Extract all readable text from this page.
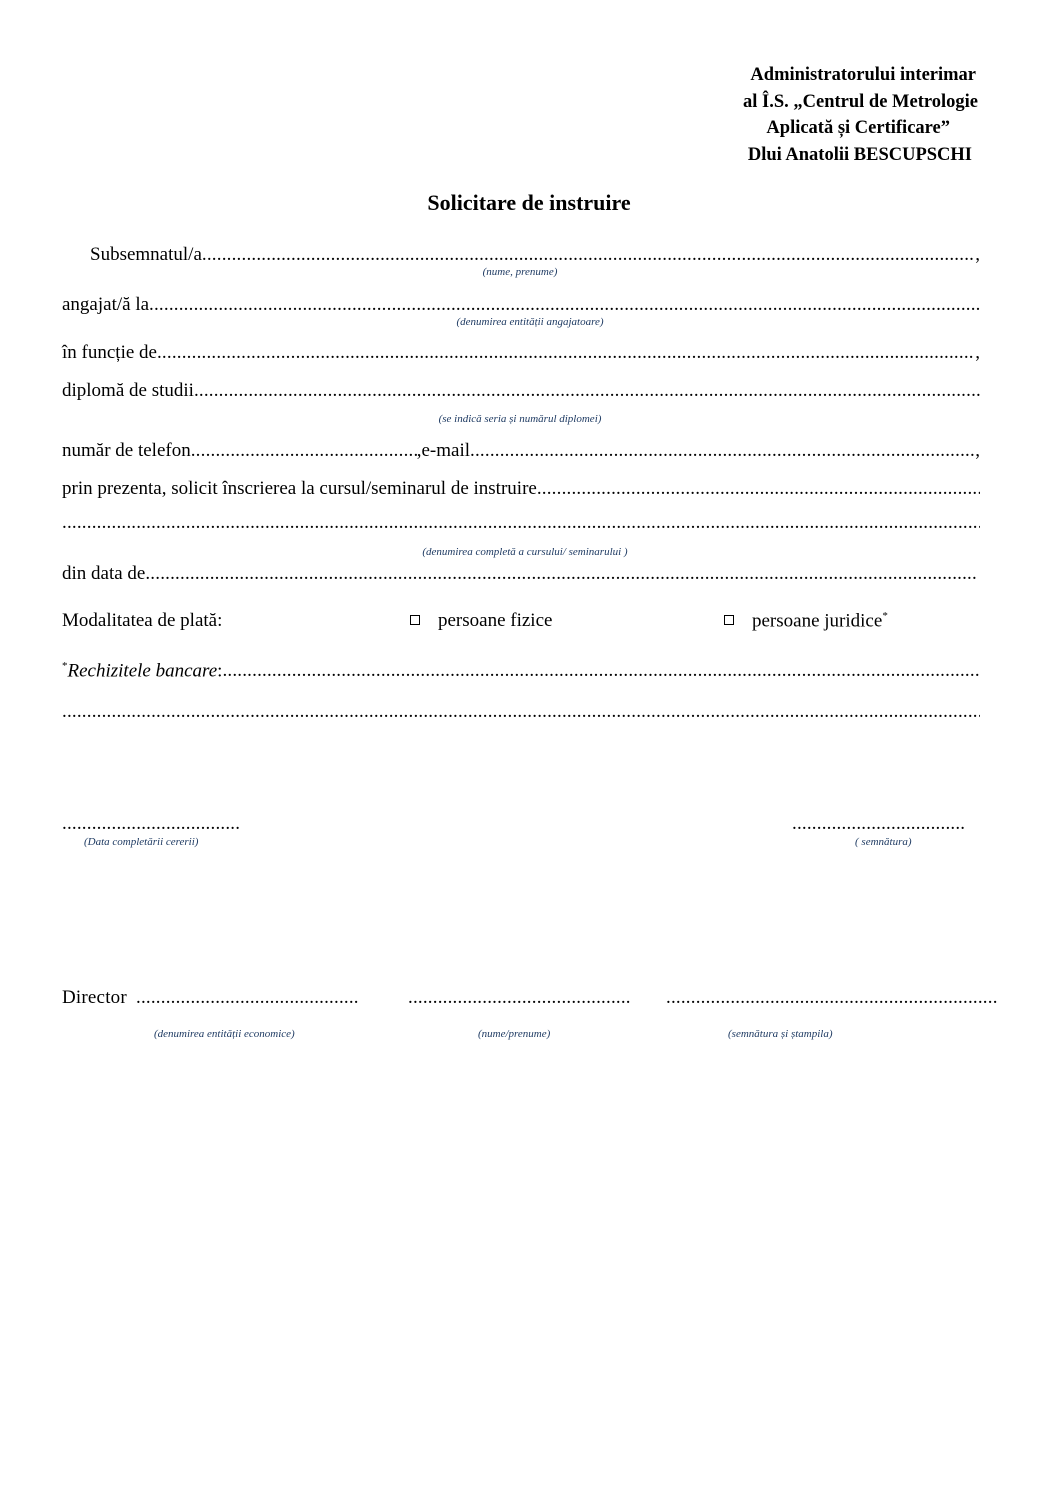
Administratorului interimar
al Î.S. „Centrul de Metrologie
Aplicată și Certificare”
Dlui Anatolii BESCUPSCHI
Solicitare de instruire
Subsemnatul/a .....	,
(nume, prenume)
angajat/ă la
.....
(denumirea entității angajatoare)
în funcție de .....	,
diplomă de studii
.....
(se indică seria și numărul diplomei)
număr de telefon .....	,e-mail .....	,
prin prezenta, solicit înscrierea la cursul/seminarul de instruire
.....
.....
(denumirea completă a cursului/ seminarului )
din data de
.....
Modalitatea de plată:	persoane fizice	persoane juridice*
*Rechizitele bancare:
.....
.....
....................................
(Data completării cererii)
...................................
( semnătura)
Director .............................................	............................................. ...................................................................
(denumirea entității economice)	(nume/prenume)	(semnătura și ștampila)
